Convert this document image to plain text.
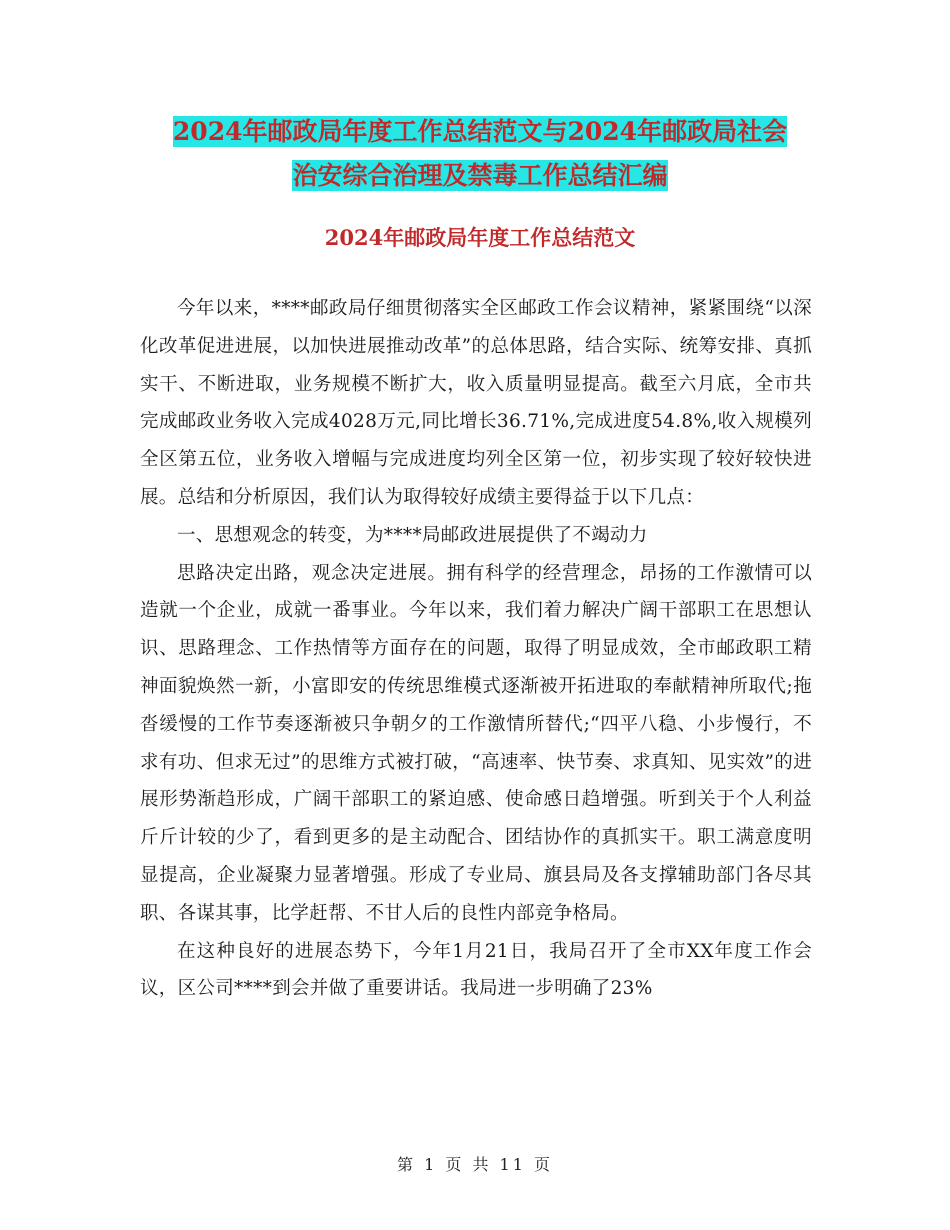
2024年邮政局年度工作总结范文与2024年邮政局社会
治安综合治理及禁毒工作总结汇编
2024年邮政局年度工作总结范文

今年以来，****邮政局仔细贯彻落实全区邮政工作会议精神，紧紧围绕“以深化改革促进进展，以加快进展推动改革”的总体思路，结合实际、统筹安排、真抓实干、不断进取，业务规模不断扩大，收入质量明显提高。截至六月底，全市共完成邮政业务收入完成4028万元,同比增长36.71%,完成进度54.8%,收入规模列全区第五位，业务收入增幅与完成进度均列全区第一位，初步实现了较好较快进展。总结和分析原因，我们认为取得较好成绩主要得益于以下几点：

一、思想观念的转变，为****局邮政进展提供了不竭动力

思路决定出路，观念决定进展。拥有科学的经营理念，昂扬的工作激情可以造就一个企业，成就一番事业。今年以来，我们着力解决广阔干部职工在思想认识、思路理念、工作热情等方面存在的问题，取得了明显成效，全市邮政职工精神面貌焕然一新，小富即安的传统思维模式逐渐被开拓进取的奉献精神所取代;拖沓缓慢的工作节奏逐渐被只争朝夕的工作激情所替代;“四平八稳、小步慢行，不求有功、但求无过”的思维方式被打破，“高速率、快节奏、求真知、见实效”的进展形势渐趋形成，广阔干部职工的紧迫感、使命感日趋增强。听到关于个人利益斤斤计较的少了，看到更多的是主动配合、团结协作的真抓实干。职工满意度明显提高，企业凝聚力显著增强。形成了专业局、旗县局及各支撑辅助部门各尽其职、各谋其事，比学赶帮、不甘人后的良性内部竞争格局。

在这种良好的进展态势下，今年1月21日，我局召开了全市XX年度工作会议，区公司****到会并做了重要讲话。我局进一步明确了23%

第 1 页 共 11 页
